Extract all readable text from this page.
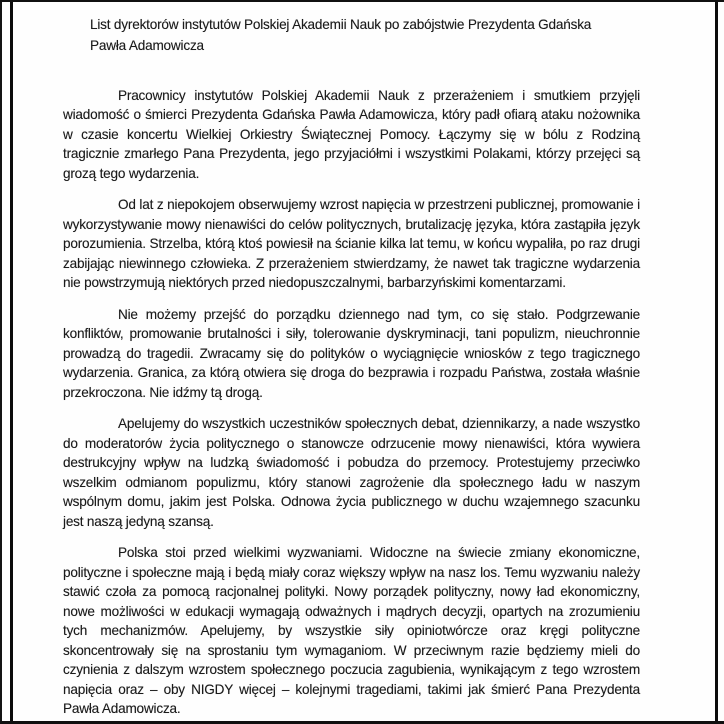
List dyrektorów instytutów Polskiej Akademii Nauk po zabójstwie Prezydenta Gdańska
Pawła Adamowicza

Pracownicy instytutów Polskiej Akademii Nauk z przerażeniem i smutkiem przyjęli wiadomość o śmierci Prezydenta Gdańska Pawła Adamowicza, który padł ofiarą ataku nożownika w czasie koncertu Wielkiej Orkiestry Świątecznej Pomocy. Łączymy się w bólu z Rodziną tragicznie zmarłego Pana Prezydenta, jego przyjaciółmi i wszystkimi Polakami, którzy przejęci są grozą tego wydarzenia.

Od lat z niepokojem obserwujemy wzrost napięcia w przestrzeni publicznej, promowanie i wykorzystywanie mowy nienawiści do celów politycznych, brutalizację języka, która zastąpiła język porozumienia. Strzelba, którą ktoś powiesił na ścianie kilka lat temu, w końcu wypaliła, po raz drugi zabijając niewinnego człowieka. Z przerażeniem stwierdzamy, że nawet tak tragiczne wydarzenia nie powstrzymują niektórych przed niedopuszczalnymi, barbarzyńskimi komentarzami.

Nie możemy przejść do porządku dziennego nad tym, co się stało. Podgrzewanie konfliktów, promowanie brutalności i siły, tolerowanie dyskryminacji, tani populizm, nieuchronnie prowadzą do tragedii. Zwracamy się do polityków o wyciągnięcie wniosków z tego tragicznego wydarzenia. Granica, za którą otwiera się droga do bezprawia i rozpadu Państwa, została właśnie przekroczona. Nie idźmy tą drogą.

Apelujemy do wszystkich uczestników społecznych debat, dziennikarzy, a nade wszystko do moderatorów życia politycznego o stanowcze odrzucenie mowy nienawiści, która wywiera destrukcyjny wpływ na ludzką świadomość i pobudza do przemocy. Protestujemy przeciwko wszelkim odmianom populizmu, który stanowi zagrożenie dla społecznego ładu w naszym wspólnym domu, jakim jest Polska. Odnowa życia publicznego w duchu wzajemnego szacunku jest naszą jedyną szansą.

Polska stoi przed wielkimi wyzwaniami. Widoczne na świecie zmiany ekonomiczne, polityczne i społeczne mają i będą miały coraz większy wpływ na nasz los. Temu wyzwaniu należy stawić czoła za pomocą racjonalnej polityki. Nowy porządek polityczny, nowy ład ekonomiczny, nowe możliwości w edukacji wymagają odważnych i mądrych decyzji, opartych na zrozumieniu tych mechanizmów. Apelujemy, by wszystkie siły opiniotwórcze oraz kręgi polityczne skoncentrowały się na sprostaniu tym wymaganiom. W przeciwnym razie będziemy mieli do czynienia z dalszym wzrostem społecznego poczucia zagubienia, wynikającym z tego wzrostem napięcia oraz – oby NIGDY więcej – kolejnymi tragediami, takimi jak śmierć Pana Prezydenta Pawła Adamowicza.
